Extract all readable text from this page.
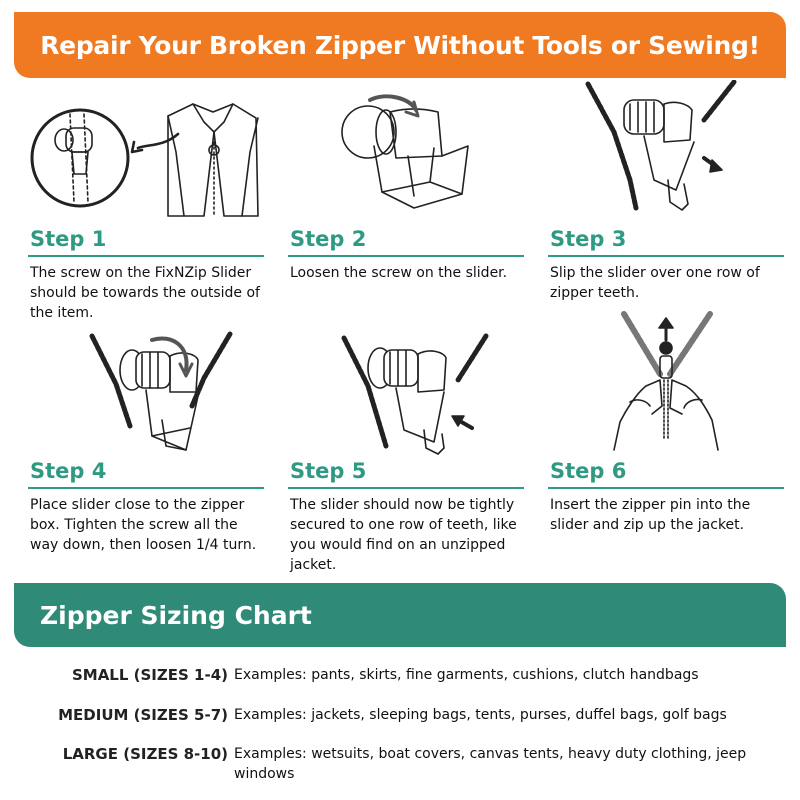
Repair Your Broken Zipper Without Tools or Sewing!
Step 1
The screw on the FixNZip Slider should be towards the outside of the item.
Step 2
Loosen the screw on the slider.
Step 3
Slip the slider over one row of zipper teeth.
Step 4
Place slider close to the zipper box. Tighten the screw all the way down, then loosen 1/4 turn.
Step 5
The slider should now be tightly secured to one row of teeth, like you would find on an unzipped jacket.
Step 6
Insert the zipper pin into the slider and zip up the jacket.
Zipper Sizing Chart
SMALL (SIZES 1-4) Examples: pants, skirts, fine garments, cushions, clutch handbags
MEDIUM (SIZES 5-7) Examples: jackets, sleeping bags, tents, purses, duffel bags, golf bags
LARGE (SIZES 8-10) Examples: wetsuits, boat covers, canvas tents, heavy duty clothing, jeep windows
